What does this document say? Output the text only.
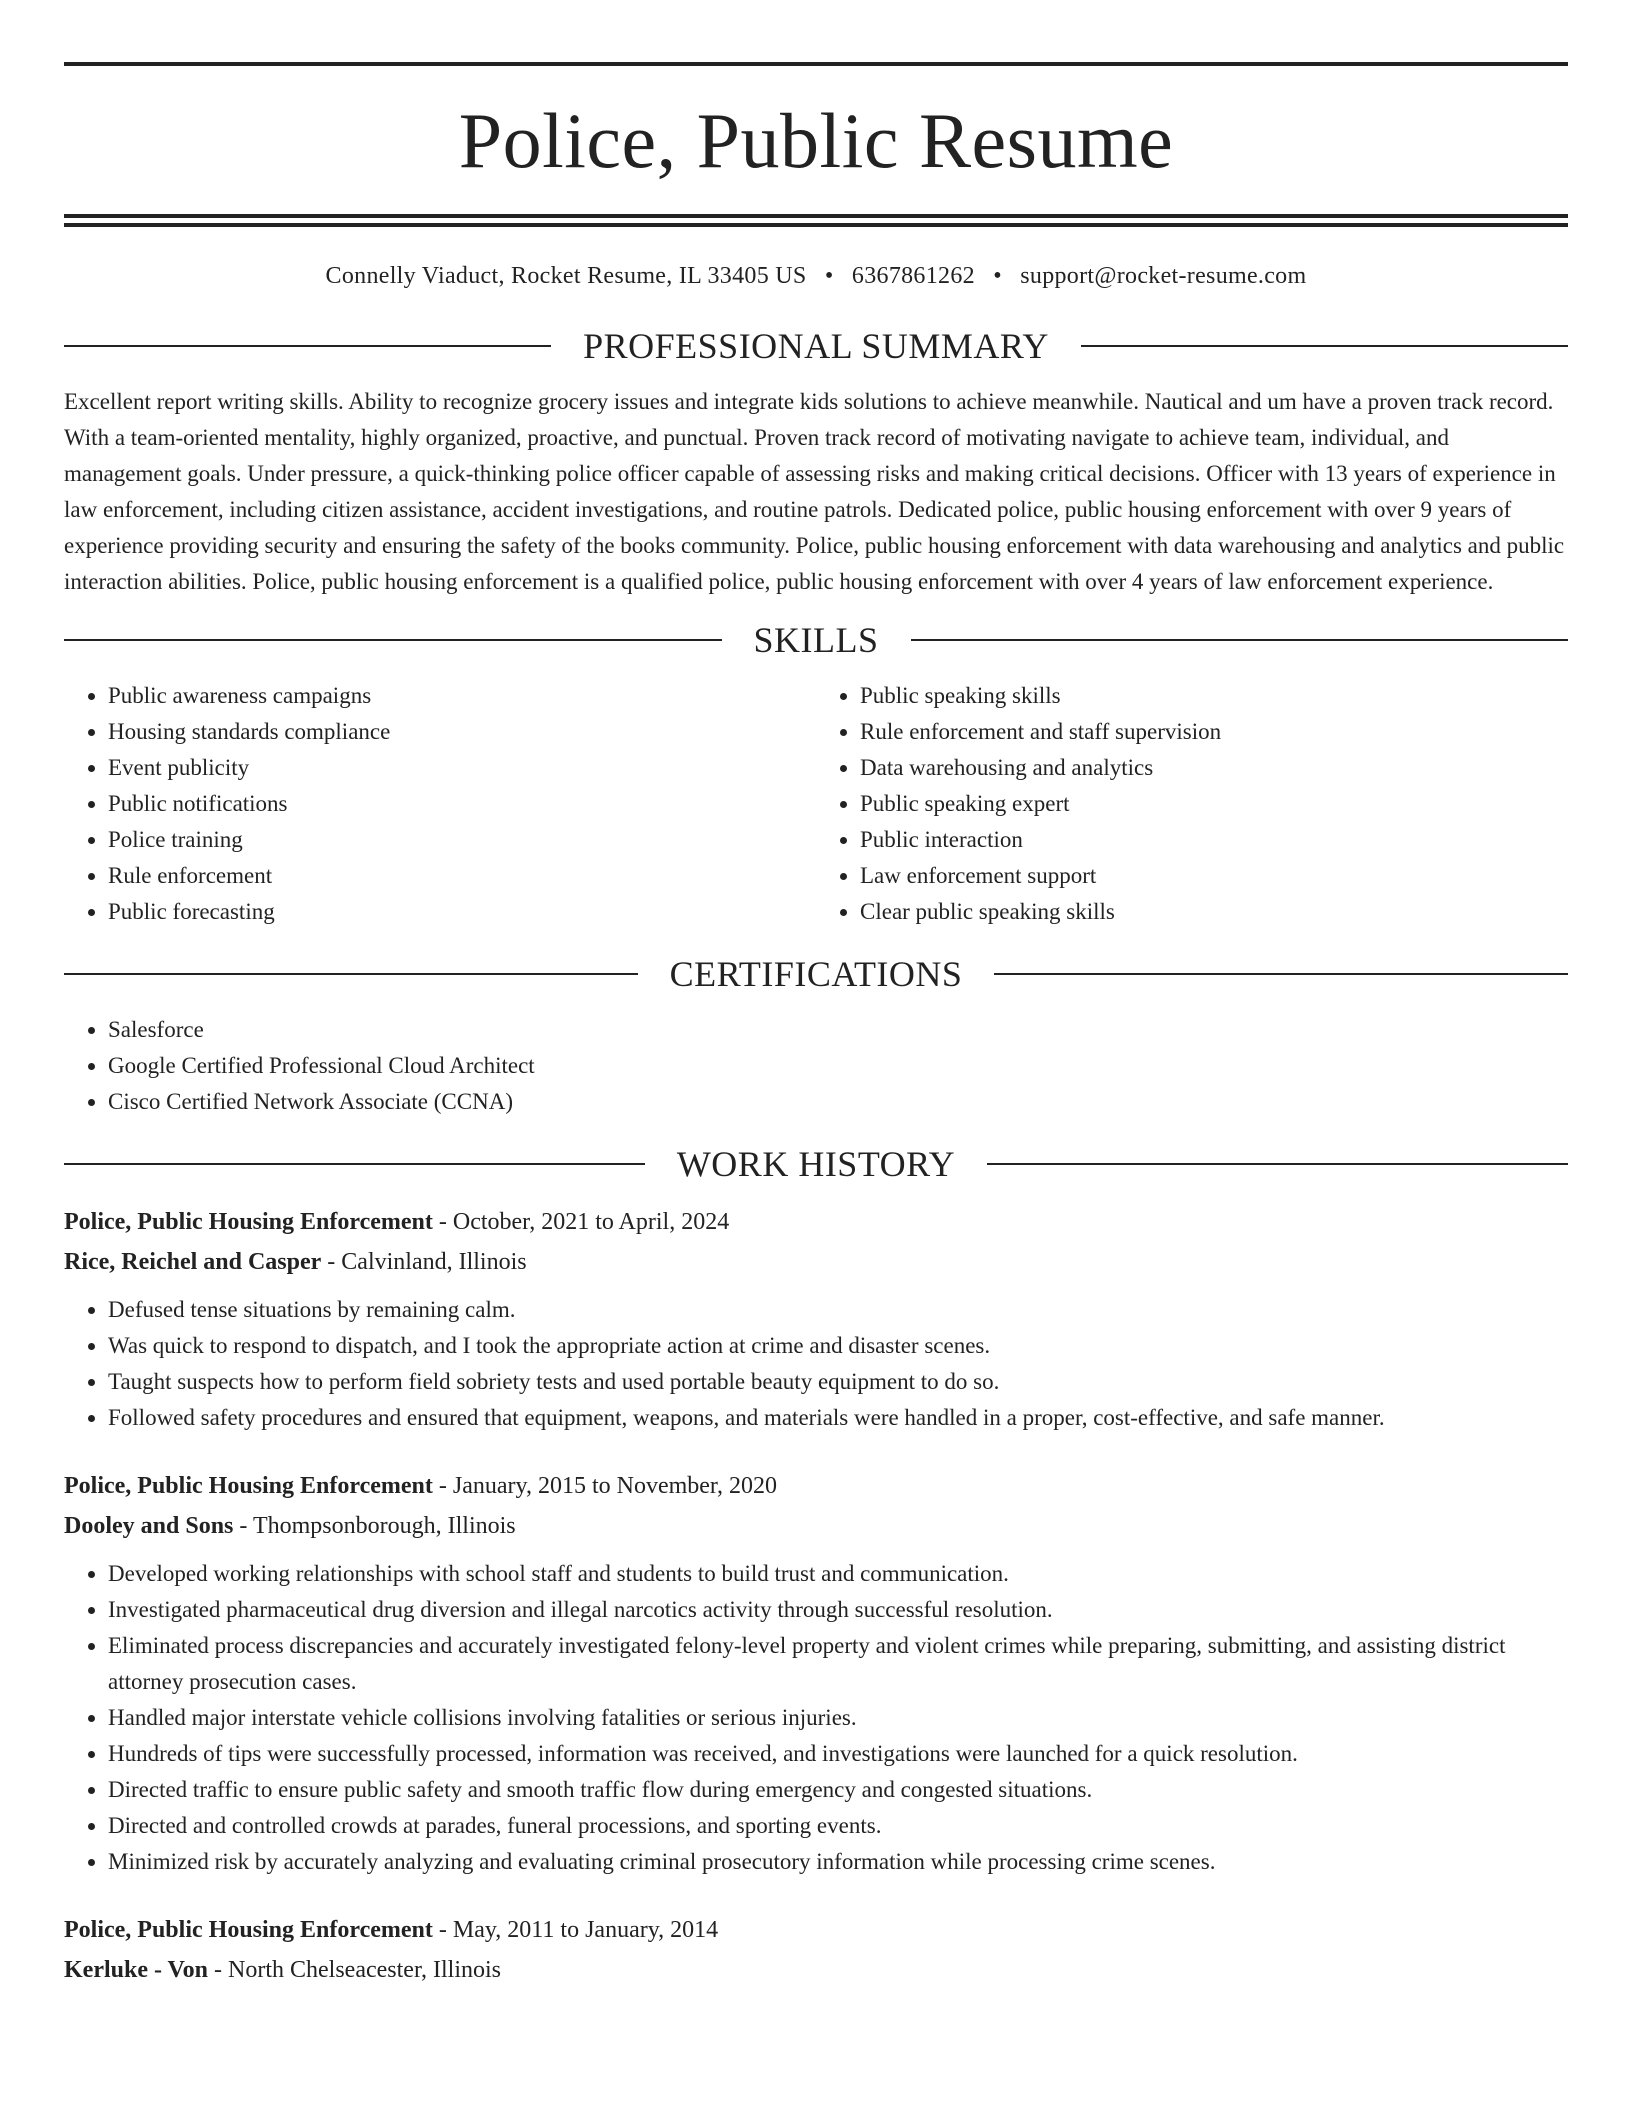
Police, Public Resume
Connelly Viaduct, Rocket Resume, IL 33405 US • 6367861262 • support@rocket-resume.com
PROFESSIONAL SUMMARY

Excellent report writing skills. Ability to recognize grocery issues and integrate kids solutions to achieve meanwhile. Nautical and um have a proven track record. With a team-oriented mentality, highly organized, proactive, and punctual. Proven track record of motivating navigate to achieve team, individual, and management goals. Under pressure, a quick-thinking police officer capable of assessing risks and making critical decisions. Officer with 13 years of experience in law enforcement, including citizen assistance, accident investigations, and routine patrols. Dedicated police, public housing enforcement with over 9 years of experience providing security and ensuring the safety of the books community. Police, public housing enforcement with data warehousing and analytics and public interaction abilities. Police, public housing enforcement is a qualified police, public housing enforcement with over 4 years of law enforcement experience.

SKILLS
• Public awareness campaigns
• Housing standards compliance
• Event publicity
• Public notifications
• Police training
• Rule enforcement
• Public forecasting
• Public speaking skills
• Rule enforcement and staff supervision
• Data warehousing and analytics
• Public speaking expert
• Public interaction
• Law enforcement support
• Clear public speaking skills
CERTIFICATIONS
• Salesforce
• Google Certified Professional Cloud Architect
• Cisco Certified Network Associate (CCNA)
WORK HISTORY
Police, Public Housing Enforcement - October, 2021 to April, 2024
Rice, Reichel and Casper - Calvinland, Illinois
• Defused tense situations by remaining calm.
• Was quick to respond to dispatch, and I took the appropriate action at crime and disaster scenes.
• Taught suspects how to perform field sobriety tests and used portable beauty equipment to do so.
• Followed safety procedures and ensured that equipment, weapons, and materials were handled in a proper, cost-effective, and safe manner.
Police, Public Housing Enforcement - January, 2015 to November, 2020
Dooley and Sons - Thompsonborough, Illinois
• Developed working relationships with school staff and students to build trust and communication.
• Investigated pharmaceutical drug diversion and illegal narcotics activity through successful resolution.
• Eliminated process discrepancies and accurately investigated felony-level property and violent crimes while preparing, submitting, and assisting district attorney prosecution cases.
• Handled major interstate vehicle collisions involving fatalities or serious injuries.
• Hundreds of tips were successfully processed, information was received, and investigations were launched for a quick resolution.
• Directed traffic to ensure public safety and smooth traffic flow during emergency and congested situations.
• Directed and controlled crowds at parades, funeral processions, and sporting events.
• Minimized risk by accurately analyzing and evaluating criminal prosecutory information while processing crime scenes.
Police, Public Housing Enforcement - May, 2011 to January, 2014
Kerluke - Von - North Chelseacester, Illinois
